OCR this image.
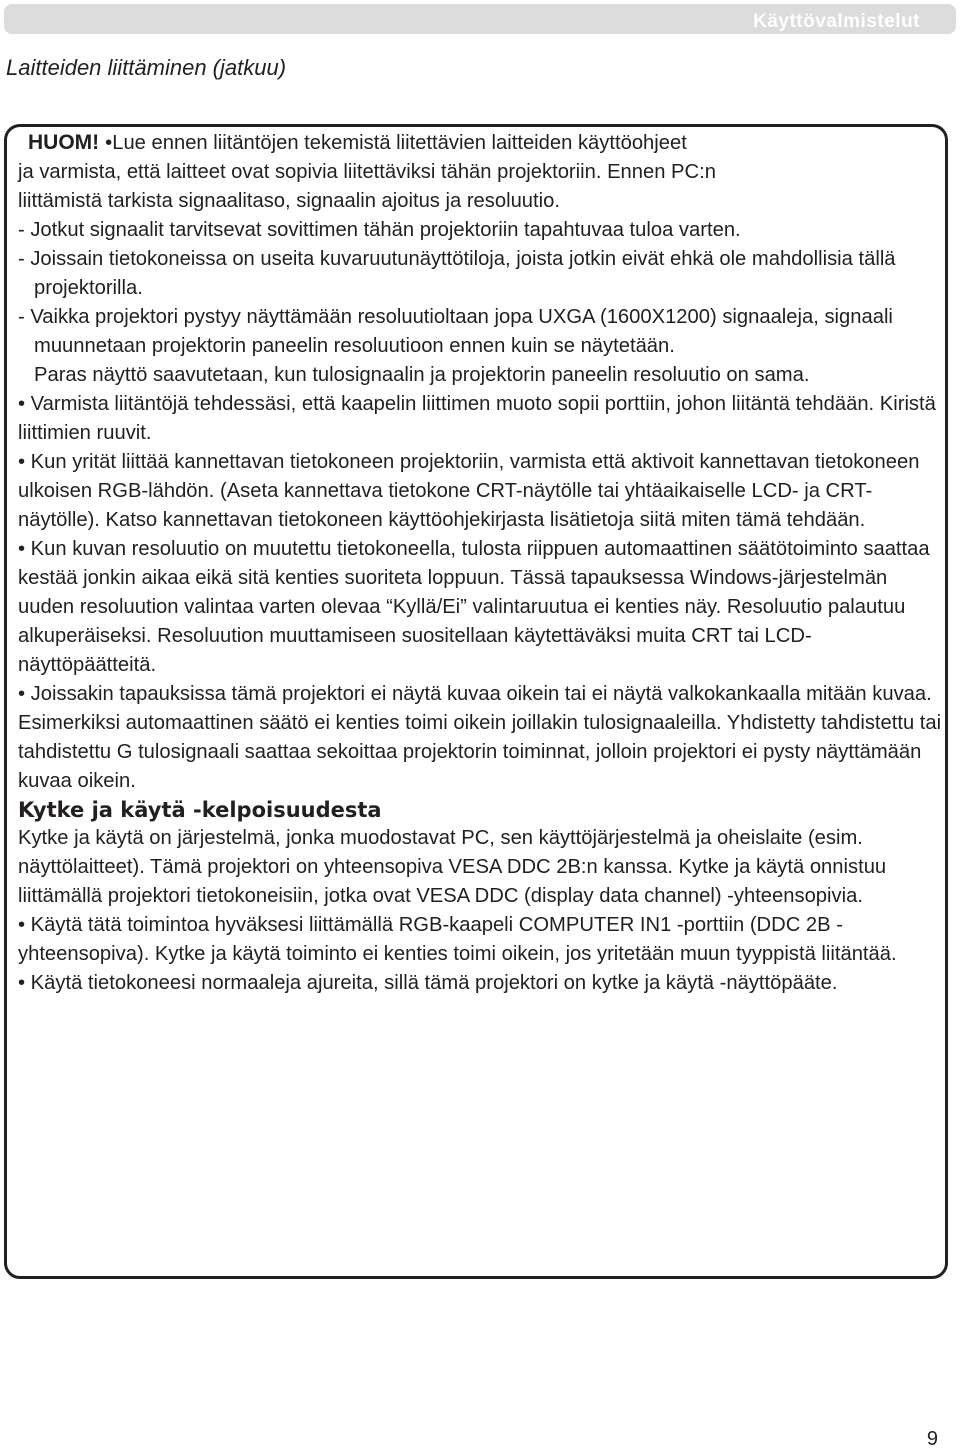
Käyttövalmistelut
Laitteiden liittäminen (jatkuu)

HUOM! •Lue ennen liitäntöjen tekemistä liitettävien laitteiden käyttöohjeet

ja varmista, että laitteet ovat sopivia liitettäviksi tähän projektoriin. Ennen PC:n

liittämistä tarkista signaalitaso, signaalin ajoitus ja resoluutio.

- Jotkut signaalit tarvitsevat sovittimen tähän projektoriin tapahtuvaa tuloa varten.

- Joissain tietokoneissa on useita kuvaruutunäyttötiloja, joista jotkin eivät ehkä ole mahdollisia tällä projektorilla.

- Vaikka projektori pystyy näyttämään resoluutioltaan jopa UXGA (1600X1200) signaaleja, signaali muunnetaan projektorin paneelin resoluutioon ennen kuin se näytetään.

Paras näyttö saavutetaan, kun tulosignaalin ja projektorin paneelin resoluutio on sama.

• Varmista liitäntöjä tehdessäsi, että kaapelin liittimen muoto sopii porttiin, johon liitäntä tehdään. Kiristä liittimien ruuvit.

• Kun yrität liittää kannettavan tietokoneen projektoriin, varmista että aktivoit kannettavan tietokoneen ulkoisen RGB-lähdön. (Aseta kannettava tietokone CRT-näytölle tai yhtäaikaiselle LCD- ja CRT-näytölle). Katso kannettavan tietokoneen käyttöohjekirjasta lisätietoja siitä miten tämä tehdään.

• Kun kuvan resoluutio on muutettu tietokoneella, tulosta riippuen automaattinen säätötoiminto saattaa kestää jonkin aikaa eikä sitä kenties suoriteta loppuun. Tässä tapauksessa Windows-järjestelmän uuden resoluution valintaa varten olevaa “Kyllä/Ei” valintaruutua ei kenties näy. Resoluutio palautuu alkuperäiseksi. Resoluution muuttamiseen suositellaan käytettäväksi muita CRT tai LCD-näyttöpäätteitä.

• Joissakin tapauksissa tämä projektori ei näytä kuvaa oikein tai ei näytä valkokankaalla mitään kuvaa. Esimerkiksi automaattinen säätö ei kenties toimi oikein joillakin tulosignaaleilla. Yhdistetty tahdistettu tai tahdistettu G tulosignaali saattaa sekoittaa projektorin toiminnat, jolloin projektori ei pysty näyttämään kuvaa oikein.

Kytke ja käytä -kelpoisuudesta

Kytke ja käytä on järjestelmä, jonka muodostavat PC, sen käyttöjärjestelmä ja oheislaite (esim. näyttölaitteet). Tämä projektori on yhteensopiva VESA DDC 2B:n kanssa. Kytke ja käytä onnistuu liittämällä projektori tietokoneisiin, jotka ovat VESA DDC (display data channel) -yhteensopivia.

• Käytä tätä toimintoa hyväksesi liittämällä RGB-kaapeli COMPUTER IN1 -porttiin (DDC 2B -yhteensopiva). Kytke ja käytä toiminto ei kenties toimi oikein, jos yritetään muun tyyppistä liitäntää.

• Käytä tietokoneesi normaaleja ajureita, sillä tämä projektori on kytke ja käytä -näyttöpääte.

9
